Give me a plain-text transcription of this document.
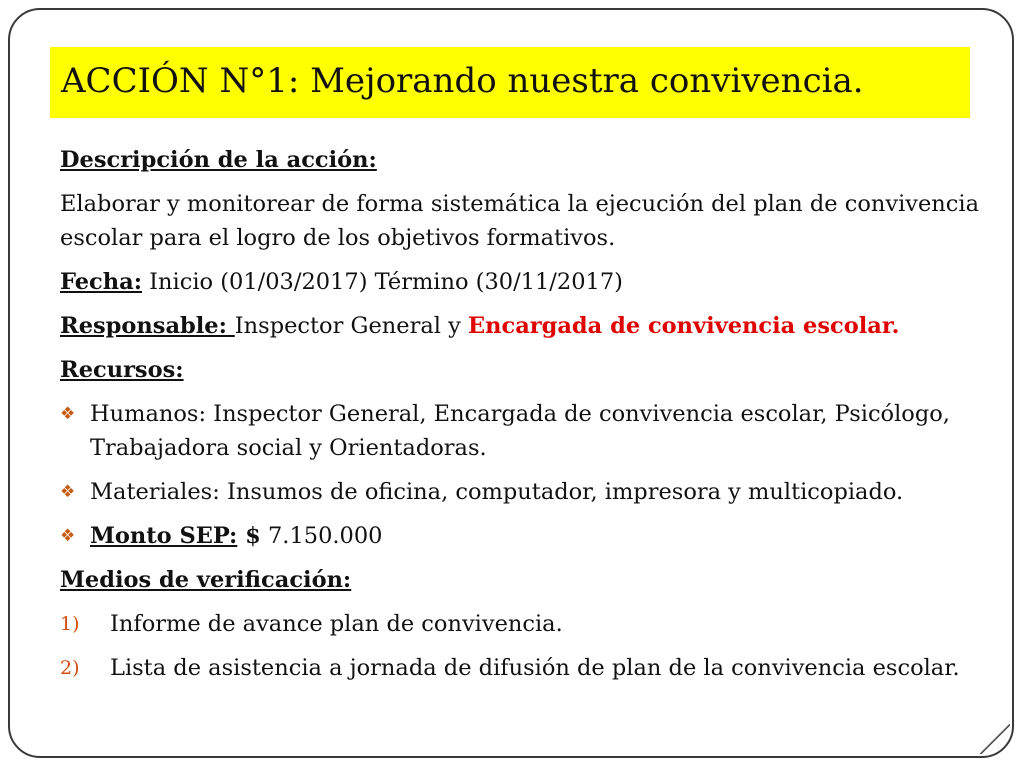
ACCIÓN N°1: Mejorando nuestra convivencia.

Descripción de la acción:

Elaborar y monitorear de forma sistemática la ejecución del plan de convivencia escolar para el logro de los objetivos formativos.

Fecha: Inicio (01/03/2017) Término (30/11/2017)

Responsable: Inspector General y Encargada de convivencia escolar.

Recursos:

❖ Humanos: Inspector General, Encargada de convivencia escolar, Psicólogo, Trabajadora social y Orientadoras.
❖ Materiales: Insumos de oficina, computador, impresora y multicopiado.
❖ Monto SEP: $ 7.150.000

Medios de verificación:

1) Informe de avance plan de convivencia.
2) Lista de asistencia a jornada de difusión de plan de la convivencia escolar.
